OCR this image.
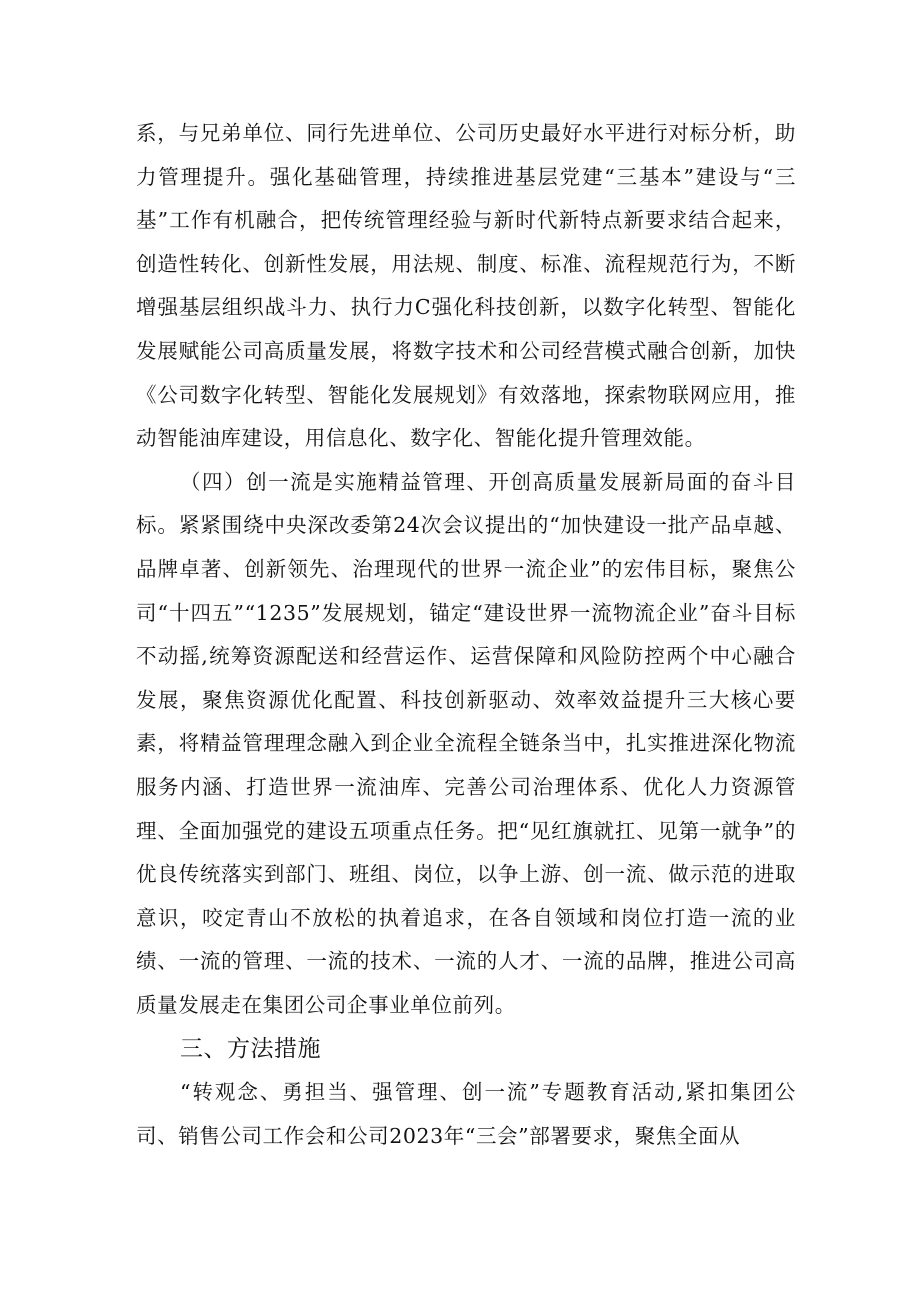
系，与兄弟单位、同行先进单位、公司历史最好水平进行对标分析，助力管理提升。强化基础管理，持续推进基层党建“三基本”建设与“三基”工作有机融合，把传统管理经验与新时代新特点新要求结合起来，创造性转化、创新性发展，用法规、制度、标准、流程规范行为，不断增强基层组织战斗力、执行力C强化科技创新，以数字化转型、智能化发展赋能公司高质量发展，将数字技术和公司经营模式融合创新，加快《公司数字化转型、智能化发展规划》有效落地，探索物联网应用，推动智能油库建设，用信息化、数字化、智能化提升管理效能。

（四）创一流是实施精益管理、开创高质量发展新局面的奋斗目标。紧紧围绕中央深改委第24次会议提出的“加快建设一批产品卓越、品牌卓著、创新领先、治理现代的世界一流企业”的宏伟目标，聚焦公司“十四五”“1235”发展规划，锚定“建设世界一流物流企业”奋斗目标不动摇,统筹资源配送和经营运作、运营保障和风险防控两个中心融合发展，聚焦资源优化配置、科技创新驱动、效率效益提升三大核心要素，将精益管理理念融入到企业全流程全链条当中，扎实推进深化物流服务内涵、打造世界一流油库、完善公司治理体系、优化人力资源管理、全面加强党的建设五项重点任务。把“见红旗就扛、见第一就争”的优良传统落实到部门、班组、岗位，以争上游、创一流、做示范的进取意识，咬定青山不放松的执着追求，在各自领域和岗位打造一流的业绩、一流的管理、一流的技术、一流的人才、一流的品牌，推进公司高质量发展走在集团公司企事业单位前列。

三、方法措施

“转观念、勇担当、强管理、创一流”专题教育活动,紧扣集团公司、销售公司工作会和公司2023年“三会”部署要求，聚焦全面从
